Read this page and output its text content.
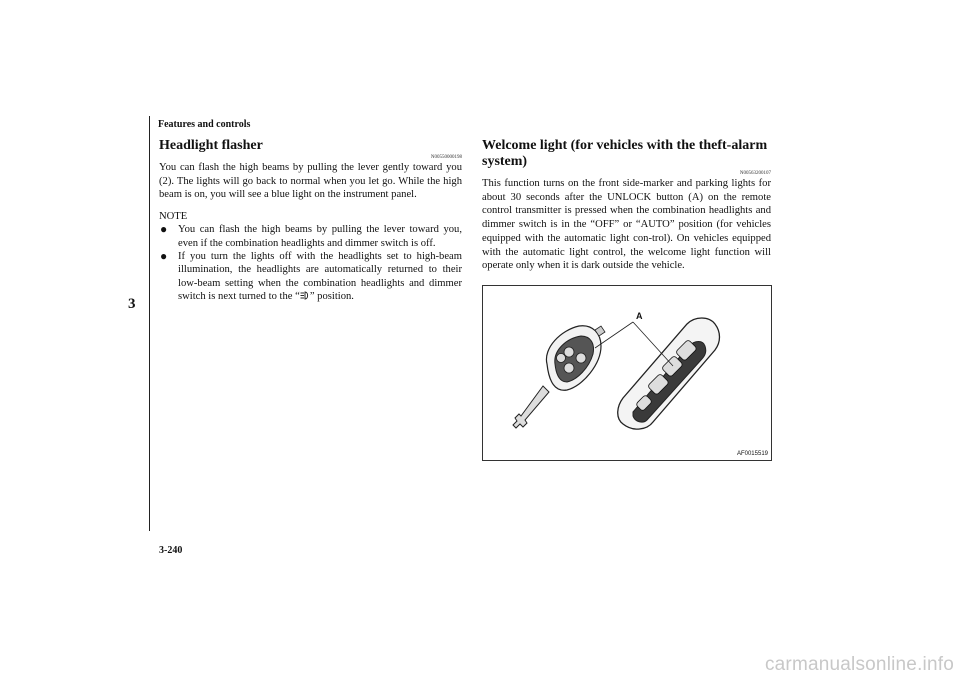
Features and controls
3
Headlight flasher
N00550000198

You can flash the high beams by pulling the lever gently toward you (2). The lights will go back to normal when you let go. While the high beam is on, you will see a blue light on the instrument panel.

NOTE
● You can flash the high beams by pulling the lever toward you, even if the combination headlights and dimmer switch is off.
● If you turn the lights off with the headlights set to high-beam illumination, the headlights are automatically returned to their low-beam setting when the combination headlights and dimmer switch is next turned to the “ ” position.
Welcome light (for vehicles with the theft-alarm system)
N00563200107

This function turns on the front side-marker and parking lights for about 30 seconds after the UNLOCK button (A) on the remote control transmitter is pressed when the combination headlights and dimmer switch is in the “OFF” or “AUTO” position (for vehicles equipped with the automatic light con-trol). On vehicles equipped with the automatic light control, the welcome light function will operate only when it is dark outside the vehicle.

A
AF0015519
3-240
carmanualsonline.info
